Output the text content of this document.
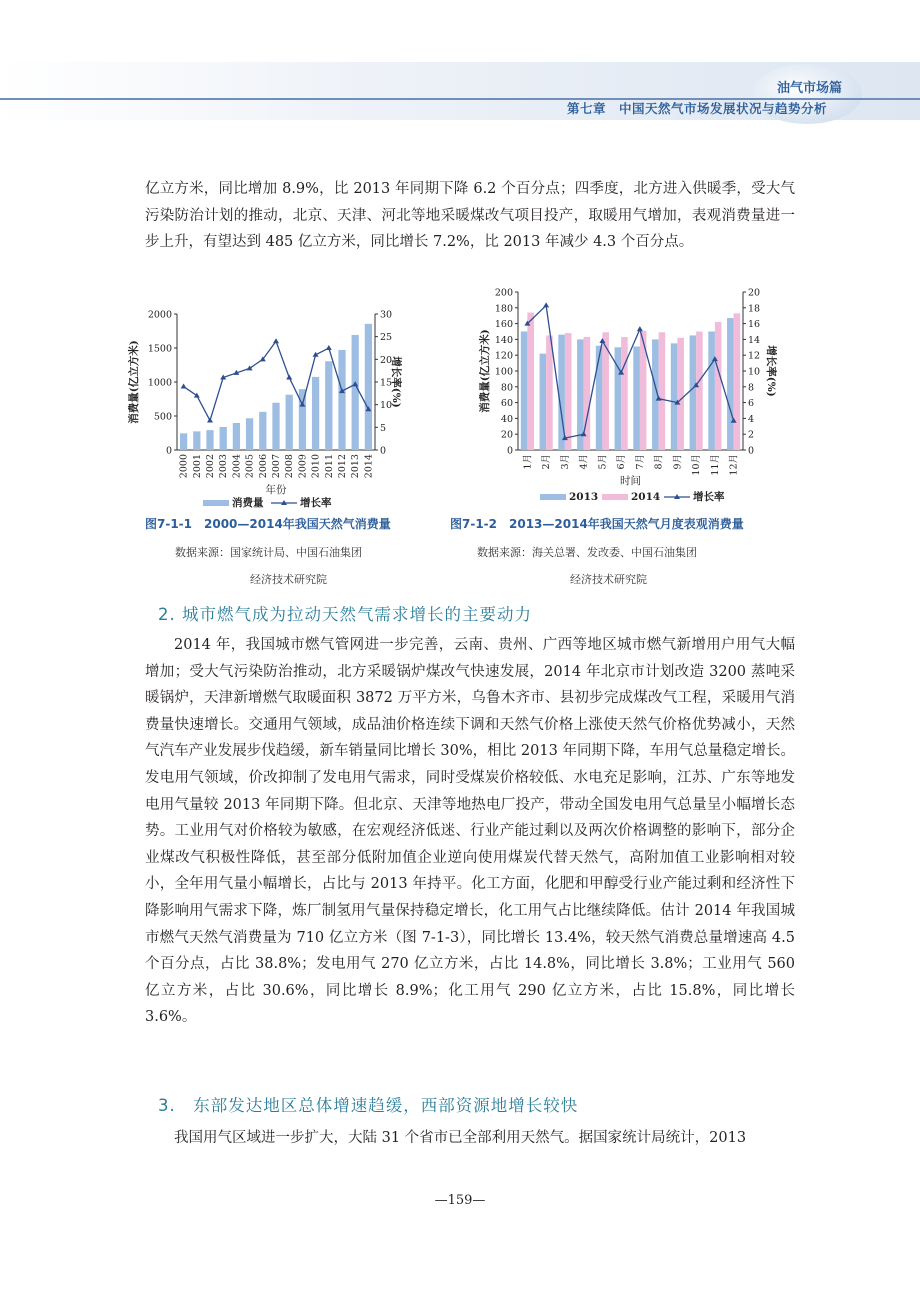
油气市场篇
第七章　中国天然气市场发展状况与趋势分析

亿立方米，同比增加 8.9%，比 2013 年同期下降 6.2 个百分点；四季度，北方进入供暖季，受大气污染防治计划的推动，北京、天津、河北等地采暖煤改气项目投产，取暖用气增加，表观消费量进一步上升，有望达到 485 亿立方米，同比增长 7.2%，比 2013 年减少 4.3 个百分点。

0
500
1000
1500
2000
0
5
10
15
20
25
30
2000 2001 2002 2003 2004 2005 2006 2007 2008 2009 2010 2011 2012 2013 2014
年份
消费量(亿立方米)	增长率(%)
消费量	增长率
0
20
40
60
80
100
120
140
160
180
200
0
2
4
6
8
10
12
14
16
18
20
1月 2月 3月 4月 5月 6月 7月 8月 9月 10月 11月 12月
时间
消费量(亿立方米)	增长率(%)
2013	2014	增长率
图7-1-1　2000—2014年我国天然气消费量
数据来源：国家统计局、中国石油集团
经济技术研究院
图7-1-2　2013—2014年我国天然气月度表观消费量
数据来源：海关总署、发改委、中国石油集团
经济技术研究院
2. 城市燃气成为拉动天然气需求增长的主要动力

2014 年，我国城市燃气管网进一步完善，云南、贵州、广西等地区城市燃气新增用户用气大幅增加；受大气污染防治推动，北方采暖锅炉煤改气快速发展，2014 年北京市计划改造 3200 蒸吨采暖锅炉，天津新增燃气取暖面积 3872 万平方米，乌鲁木齐市、县初步完成煤改气工程，采暖用气消费量快速增长。交通用气领域，成品油价格连续下调和天然气价格上涨使天然气价格优势减小，天然气汽车产业发展步伐趋缓，新车销量同比增长 30%，相比 2013 年同期下降，车用气总量稳定增长。发电用气领域，价改抑制了发电用气需求，同时受煤炭价格较低、水电充足影响，江苏、广东等地发电用气量较 2013 年同期下降。但北京、天津等地热电厂投产，带动全国发电用气总量呈小幅增长态势。工业用气对价格较为敏感，在宏观经济低迷、行业产能过剩以及两次价格调整的影响下，部分企业煤改气积极性降低，甚至部分低附加值企业逆向使用煤炭代替天然气，高附加值工业影响相对较小，全年用气量小幅增长，占比与 2013 年持平。化工方面，化肥和甲醇受行业产能过剩和经济性下降影响用气需求下降，炼厂制氢用气量保持稳定增长，化工用气占比继续降低。估计 2014 年我国城市燃气天然气消费量为 710 亿立方米（图 7-1-3），同比增长 13.4%，较天然气消费总量增速高 4.5 个百分点，占比 38.8%；发电用气 270 亿立方米，占比 14.8%，同比增长 3.8%；工业用气 560 亿立方米，占比 30.6%，同比增长 8.9%；化工用气 290 亿立方米，占比 15.8%，同比增长 3.6%。

3.　东部发达地区总体增速趋缓，西部资源地增长较快

我国用气区域进一步扩大，大陆 31 个省市已全部利用天然气。据国家统计局统计，2013

—159—
